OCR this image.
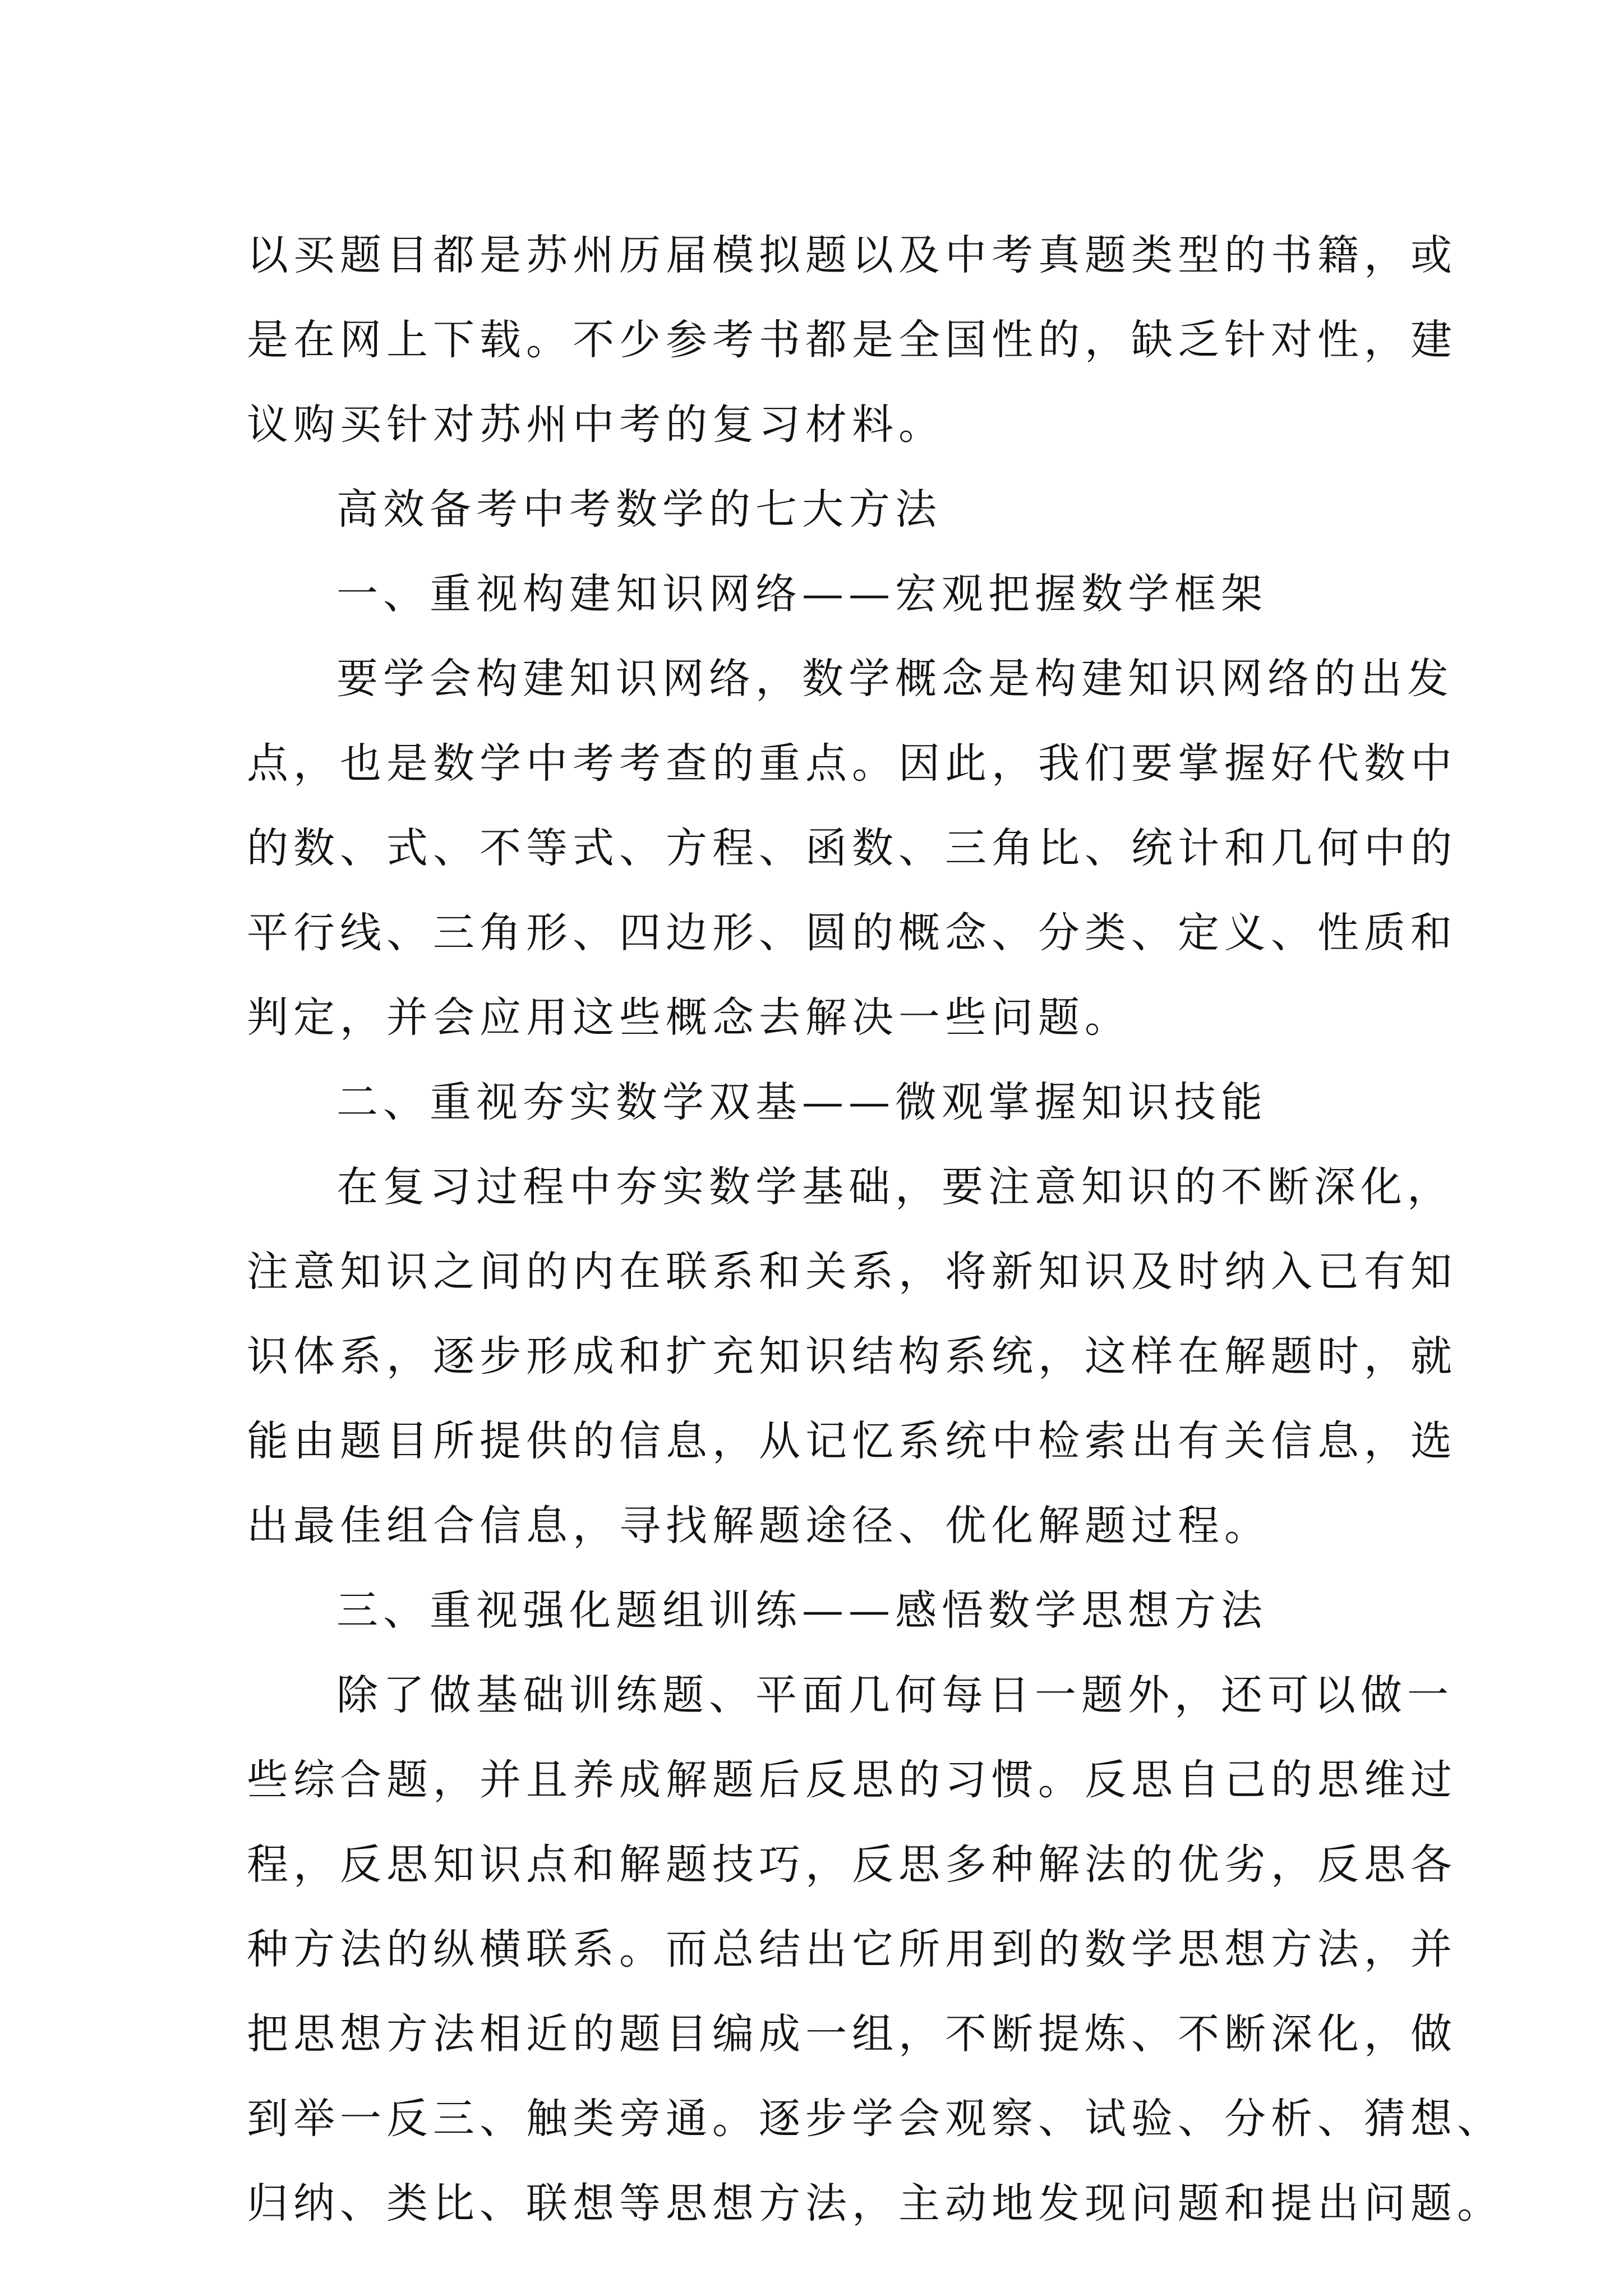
以买题目都是苏州历届模拟题以及中考真题类型的书籍，或
是在网上下载。不少参考书都是全国性的，缺乏针对性，建
议购买针对苏州中考的复习材料。
高效备考中考数学的七大方法
一、重视构建知识网络——宏观把握数学框架
要学会构建知识网络，数学概念是构建知识网络的出发
点，也是数学中考考查的重点。因此，我们要掌握好代数中
的数、式、不等式、方程、函数、三角比、统计和几何中的
平行线、三角形、四边形、圆的概念、分类、定义、性质和
判定，并会应用这些概念去解决一些问题。
二、重视夯实数学双基——微观掌握知识技能
在复习过程中夯实数学基础，要注意知识的不断深化，
注意知识之间的内在联系和关系，将新知识及时纳入已有知
识体系，逐步形成和扩充知识结构系统，这样在解题时，就
能由题目所提供的信息，从记忆系统中检索出有关信息，选
出最佳组合信息，寻找解题途径、优化解题过程。
三、重视强化题组训练——感悟数学思想方法
除了做基础训练题、平面几何每日一题外，还可以做一
些综合题，并且养成解题后反思的习惯。反思自己的思维过
程，反思知识点和解题技巧，反思多种解法的优劣，反思各
种方法的纵横联系。而总结出它所用到的数学思想方法，并
把思想方法相近的题目编成一组，不断提炼、不断深化，做
到举一反三、触类旁通。逐步学会观察、试验、分析、猜想、
归纳、类比、联想等思想方法，主动地发现问题和提出问题。
